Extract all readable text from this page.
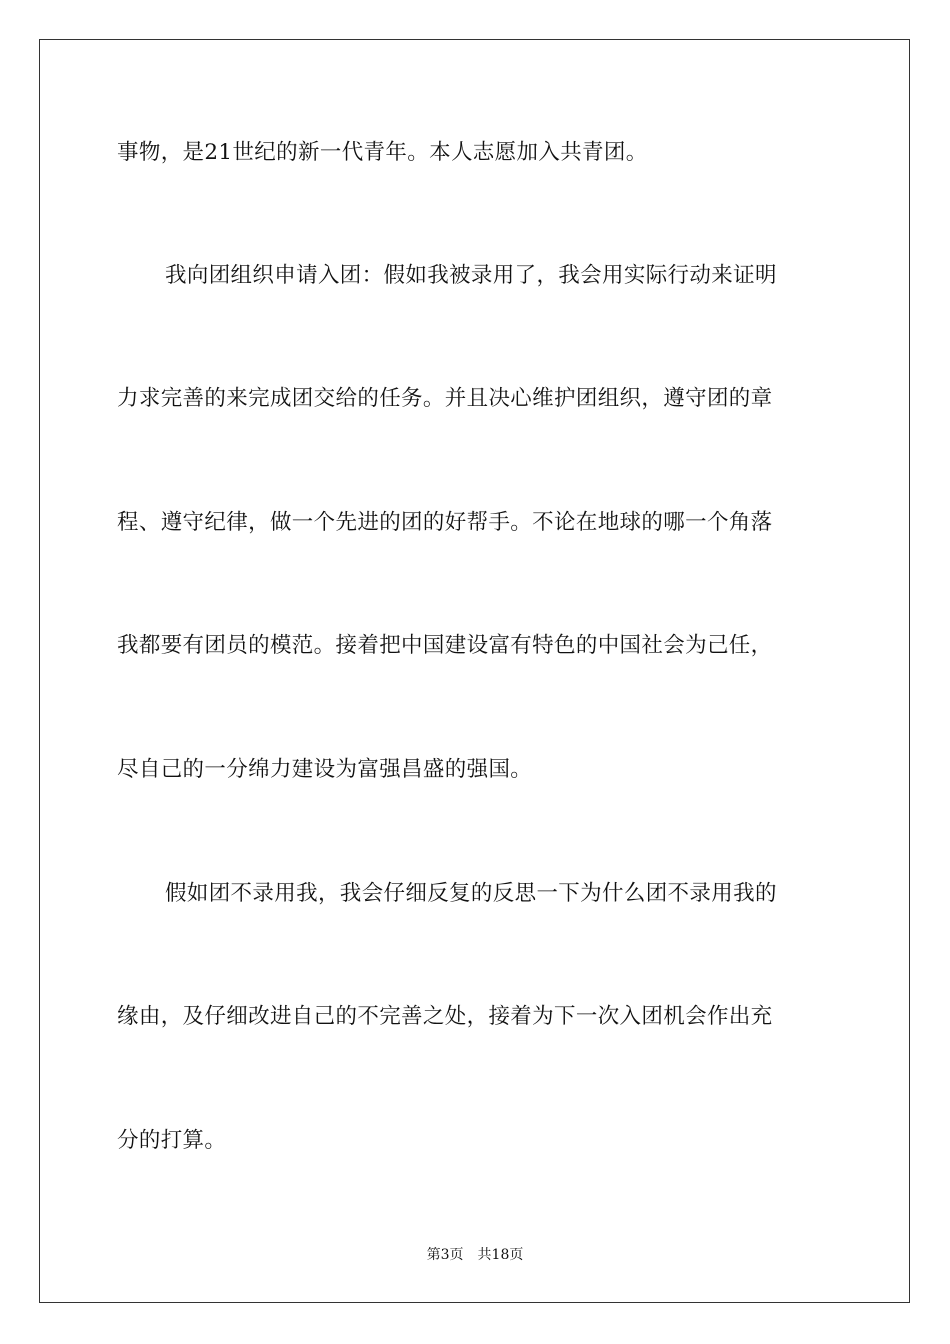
事物，是21世纪的新一代青年。本人志愿加入共青团。
我向团组织申请入团：假如我被录用了，我会用实际行动来证明
力求完善的来完成团交给的任务。并且决心维护团组织，遵守团的章
程、遵守纪律，做一个先进的团的好帮手。不论在地球的哪一个角落
我都要有团员的模范。接着把中国建设富有特色的中国社会为己任，
尽自己的一分绵力建设为富强昌盛的强国。
假如团不录用我，我会仔细反复的反思一下为什么团不录用我的
缘由，及仔细改进自己的不完善之处，接着为下一次入团机会作出充
分的打算。
第3页 共18页
